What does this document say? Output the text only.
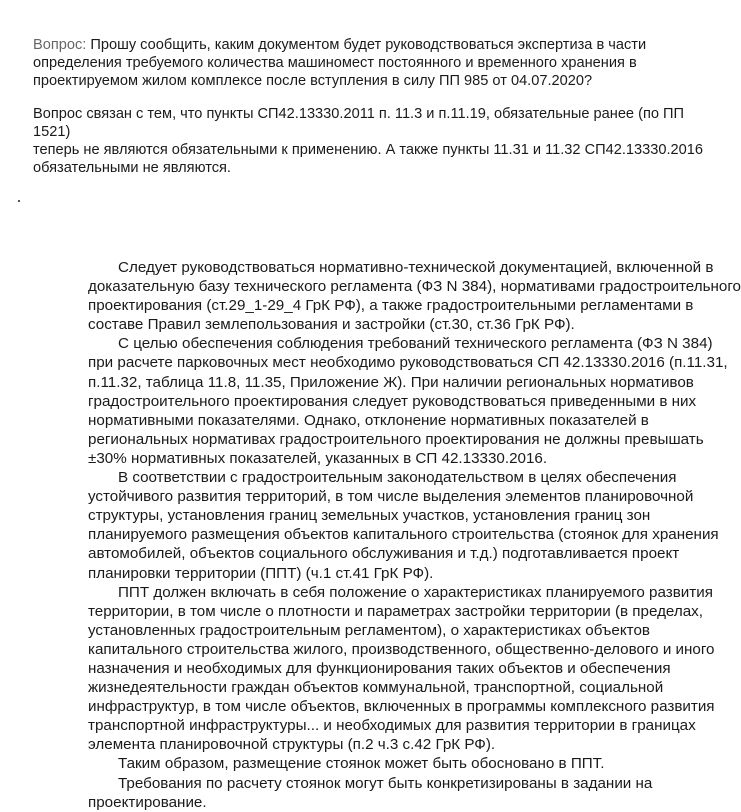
Вопрос: Прошу сообщить, каким документом будет руководствоваться экспертиза в части

определения требуемого количества машиномест постоянного и временного хранения в

проектируемом жилом комплексе после вступления в силу ПП 985 от 04.07.2020?

Вопрос связан с тем, что пункты СП42.13330.2011 п. 11.3 и п.11.19, обязательные ранее (по ПП

1521)

теперь не являются обязательными к применению. А также пункты 11.31 и 11.32 СП42.13330.2016

обязательными не являются.

Следует руководствоваться нормативно-технической документацией, включенной в
доказательную базу технического регламента (ФЗ N 384), нормативами градостроительного
проектирования (ст.29_1-29_4 ГрК РФ), а также градостроительными регламентами в
составе Правил землепользования и застройки (ст.30, ст.36 ГрК РФ).

С целью обеспечения соблюдения требований технического регламента (ФЗ N 384)
при расчете парковочных мест необходимо руководствоваться СП 42.13330.2016 (п.11.31,
п.11.32, таблица 11.8, 11.35, Приложение Ж). При наличии региональных нормативов
градостроительного проектирования следует руководствоваться приведенными в них
нормативными показателями. Однако, отклонение нормативных показателей в
региональных нормативах градостроительного проектирования не должны превышать
±30% нормативных показателей, указанных в СП 42.13330.2016.

В соответствии с градостроительным законодательством в целях обеспечения
устойчивого развития территорий, в том числе выделения элементов планировочной
структуры, установления границ земельных участков, установления границ зон
планируемого размещения объектов капитального строительства (стоянок для хранения
автомобилей, объектов социального обслуживания и т.д.) подготавливается проект
планировки территории (ППТ) (ч.1 ст.41 ГрК РФ).

ППТ должен включать в себя положение о характеристиках планируемого развития
территории, в том числе о плотности и параметрах застройки территории (в пределах,
установленных градостроительным регламентом), о характеристиках объектов
капитального строительства жилого, производственного, общественно-делового и иного
назначения и необходимых для функционирования таких объектов и обеспечения
жизнедеятельности граждан объектов коммунальной, транспортной, социальной
инфраструктур, в том числе объектов, включенных в программы комплексного развития
транспортной инфраструктуры... и необходимых для развития территории в границах
элемента планировочной структуры (п.2 ч.3 с.42 ГрК РФ).

Таким образом, размещение стоянок может быть обосновано в ППТ.

Требования по расчету стоянок могут быть конкретизированы в задании на
проектирование.
